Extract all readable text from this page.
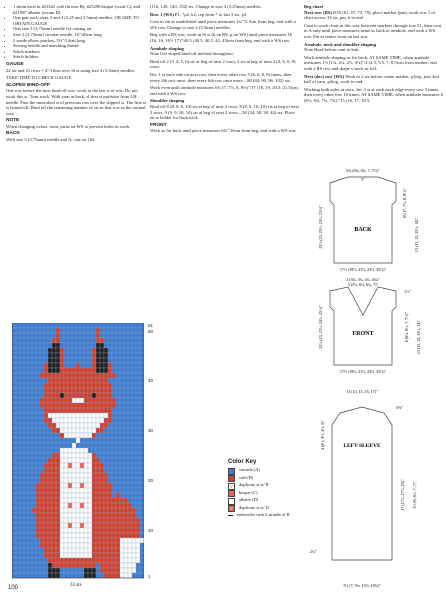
• 1 skein each in #21622 café (brown B), #25298 bisque (coral C), and #21987 albatre (cream D)
• One pair each sizes 3 and 4 (3.25 and 3.5mm) needles, OR SIZE TO OBTAIN GAUGE
• One size 5 (3.75mm) needle for casting on
• Size 2 (2.75mm) circular needle, 16"/40cm long
• 2 suede elbow patches, 5½"/14cm long
• Sewing needle and matching thread
• Stitch markers
• Stitch holders
GAUGE

24 sts and 31 rows = 4"/10cm over St st using size 4 (3.5mm) needles.

TAKE TIME TO CHECK GAUGE.

SLOPED BIND-OFF

One row before the next bind-off row, work to the last st of row. Do not work this st. Turn work. With yarn in back, sl first st purlwise from LH needle. Pass the unworked st of previous row over the slipped st. The first st is bound-off. Bind off the remaining number of sts in that row in the normal way.

NOTE

When changing colors, twist yarns on WS to prevent holes in work.

BACK

With size 5 (3.75mm) needle and A, cast on 104

(116, 128, 140, 152) sts. Change to size 3 (3.25mm) needles.

Row 1 (WS) P1, *p2, k2; rep from * to last 3 sts, p3.

Cont in rib as established until piece measures 2¼"/5.5cm from beg, end with a WS row. Change to size 4 (3.5mm) needles.

Beg with a RS row, work in St st (k on RS, p on WS) until piece measures 16 (16, 16, 16½ 17)"/40.5 (40.5, 40.5, 42, 43)cm from beg, end with a WS row.

Armhole shaping

Note Use sloped bind-off method throughout.

Bind off 2 (3, 4, 5, 6) sts at beg of next 2 rows, 2 sts at beg of next 2 (4, 6, 6, 8) rows.

Dec 1 st each side on next row, then every other row 5 (6, 6, 8, 8) times, then every 4th row once, then every 6th row once more—80 (84, 90, 96, 102) sts.

Work even until armhole measures 6¾ (7, 7½, 8, 8½)"/17 (18, 19, 20.5, 21.5)cm, end with a WS row.

Shoulder shaping

Bind off 8 (8, 8, 9, 10) sts at beg of next 2 rows, 8 (8, 9, 10, 10) sts at beg of next 2 rows, 9 (9, 9, 10, 10) sts at beg of next 2 rows—30 (34, 38, 38, 42) sts. Place on st holder for back neck.

FRONT

Work as for back until piece measures 6⅜"/16cm from beg, end with a WS row.

Beg chart

Next row (RS) K55 (61, 67, 73, 79), place marker (pm), work row 1 of chart across 33 sts, pm, k to end.

Cont to work chart in this way between markers through row 51, then cont in A only until piece measures same as back to armhole, end with a WS row. Pm at center front on last row.

Armhole, neck and shoulder shaping

Note Read before cont to knit.

Work armhole shaping as for back, AT SAME TIME, when armhole measures 1½ (1¾, 2¼, 2½, 3¼)"/4 (4.5, 5.5, 7, 8.5)cm from marker, end with a RS row and shape v-neck as foll:

Next (dec) row (WS) Work to 2 sts before center marker, p2tog, join 2nd ball of yarn, p2tog, work to end.

Working both sides at once, dec 1 st at each neck edge every row 3 times, then every other row 18 times, AT SAME TIME, when armhole measures 6 (6½, 6¾, 7¼, 7¾)"/15 (16, 17, 18.5,

6¾ (6¾, 6¾, 7, 7½)"
5"
BACK
22½ (23, 23½, 24½, 25½)"
6¾ (7, 7½, 8, 8½)"
13 (13, 13, 13½, 14)"
17½ (19½, 21½, 23½, 25½)"
3 (3¾, 3¾, 4¼, 4¾)"
5 (5½, 6¼, 6¼, 7)"
FRONT
1½"
22½ (23, 23½, 24½, 25½)"	6 (6¼, 6½, 7, 7½)" 13 (13, 13, 13½, 14)"
17½ (19½, 21½, 23½, 25½)"
13 (14, 15, 16, 17)"
5⅜"
LEFT SLEEVE
4 (4½, 4½, 4½, 5)"
17 (17½, 17½, 18)" 5½ (6, 6½, 7, 7)"
2¼"
5½ (7, 9¼, 10½, 10¾)"
51
50
40
30
20
10
1
33 sts
Color Key
cascade (A)
café (B)
V	duplicate st w/ B
bisque (C)
albatre (D)
V	duplicate st w/ D
embroider with 2 strands of B
100
